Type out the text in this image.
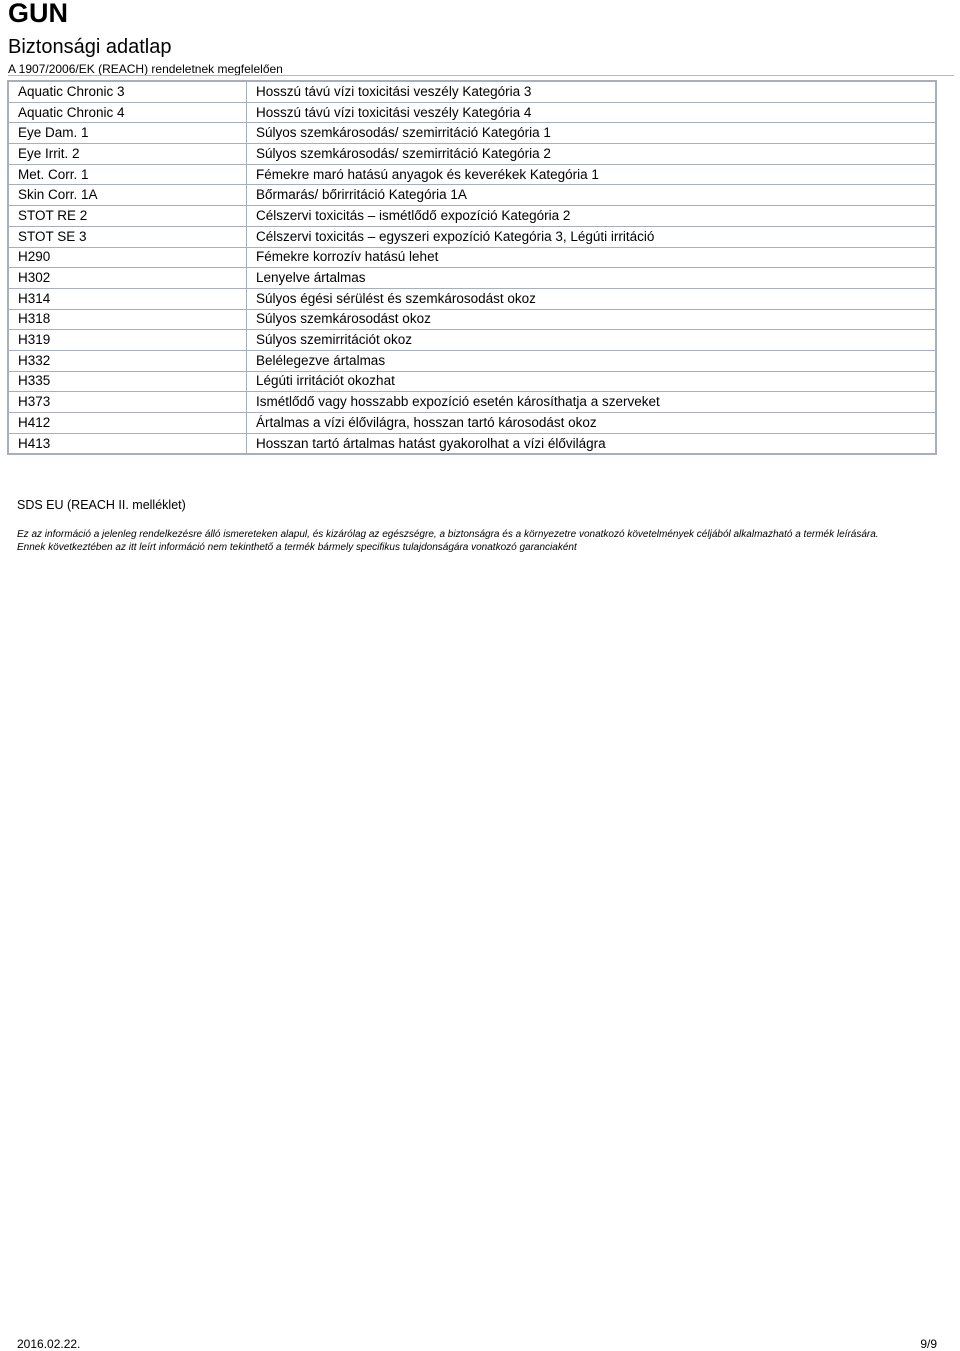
GUN
Biztonsági adatlap
A 1907/2006/EK (REACH) rendeletnek megfelelően
Aquatic Chronic 3	Hosszú távú vízi toxicitási veszély Kategória 3
Aquatic Chronic 4	Hosszú távú vízi toxicitási veszély Kategória 4
Eye Dam. 1	Súlyos szemkárosodás/ szemirritáció Kategória 1
Eye Irrit. 2	Súlyos szemkárosodás/ szemirritáció Kategória 2
Met. Corr. 1	Fémekre maró hatású anyagok és keverékek Kategória 1
Skin Corr. 1A	Bőrmarás/ bőrirritáció Kategória 1A
STOT RE 2	Célszervi toxicitás – ismétlődő expozíció Kategória 2
STOT SE 3	Célszervi toxicitás – egyszeri expozíció Kategória 3, Légúti irritáció
H290	Fémekre korrozív hatású lehet
H302	Lenyelve ártalmas
H314	Súlyos égési sérülést és szemkárosodást okoz
H318	Súlyos szemkárosodást okoz
H319	Súlyos szemirritációt okoz
H332	Belélegezve ártalmas
H335	Légúti irritációt okozhat
H373	Ismétlődő vagy hosszabb expozíció esetén károsíthatja a szerveket
H412	Ártalmas a vízi élővilágra, hosszan tartó károsodást okoz
H413	Hosszan tartó ártalmas hatást gyakorolhat a vízi élővilágra
SDS EU (REACH II. melléklet)
Ez az információ a jelenleg rendelkezésre álló ismereteken alapul, és kizárólag az egészségre, a biztonságra és a környezetre vonatkozó követelmények céljából alkalmazható a termék leírására.
Ennek következtében az itt leírt információ nem tekinthető a termék bármely specifikus tulajdonságára vonatkozó garanciaként
2016.02.22.	9/9
